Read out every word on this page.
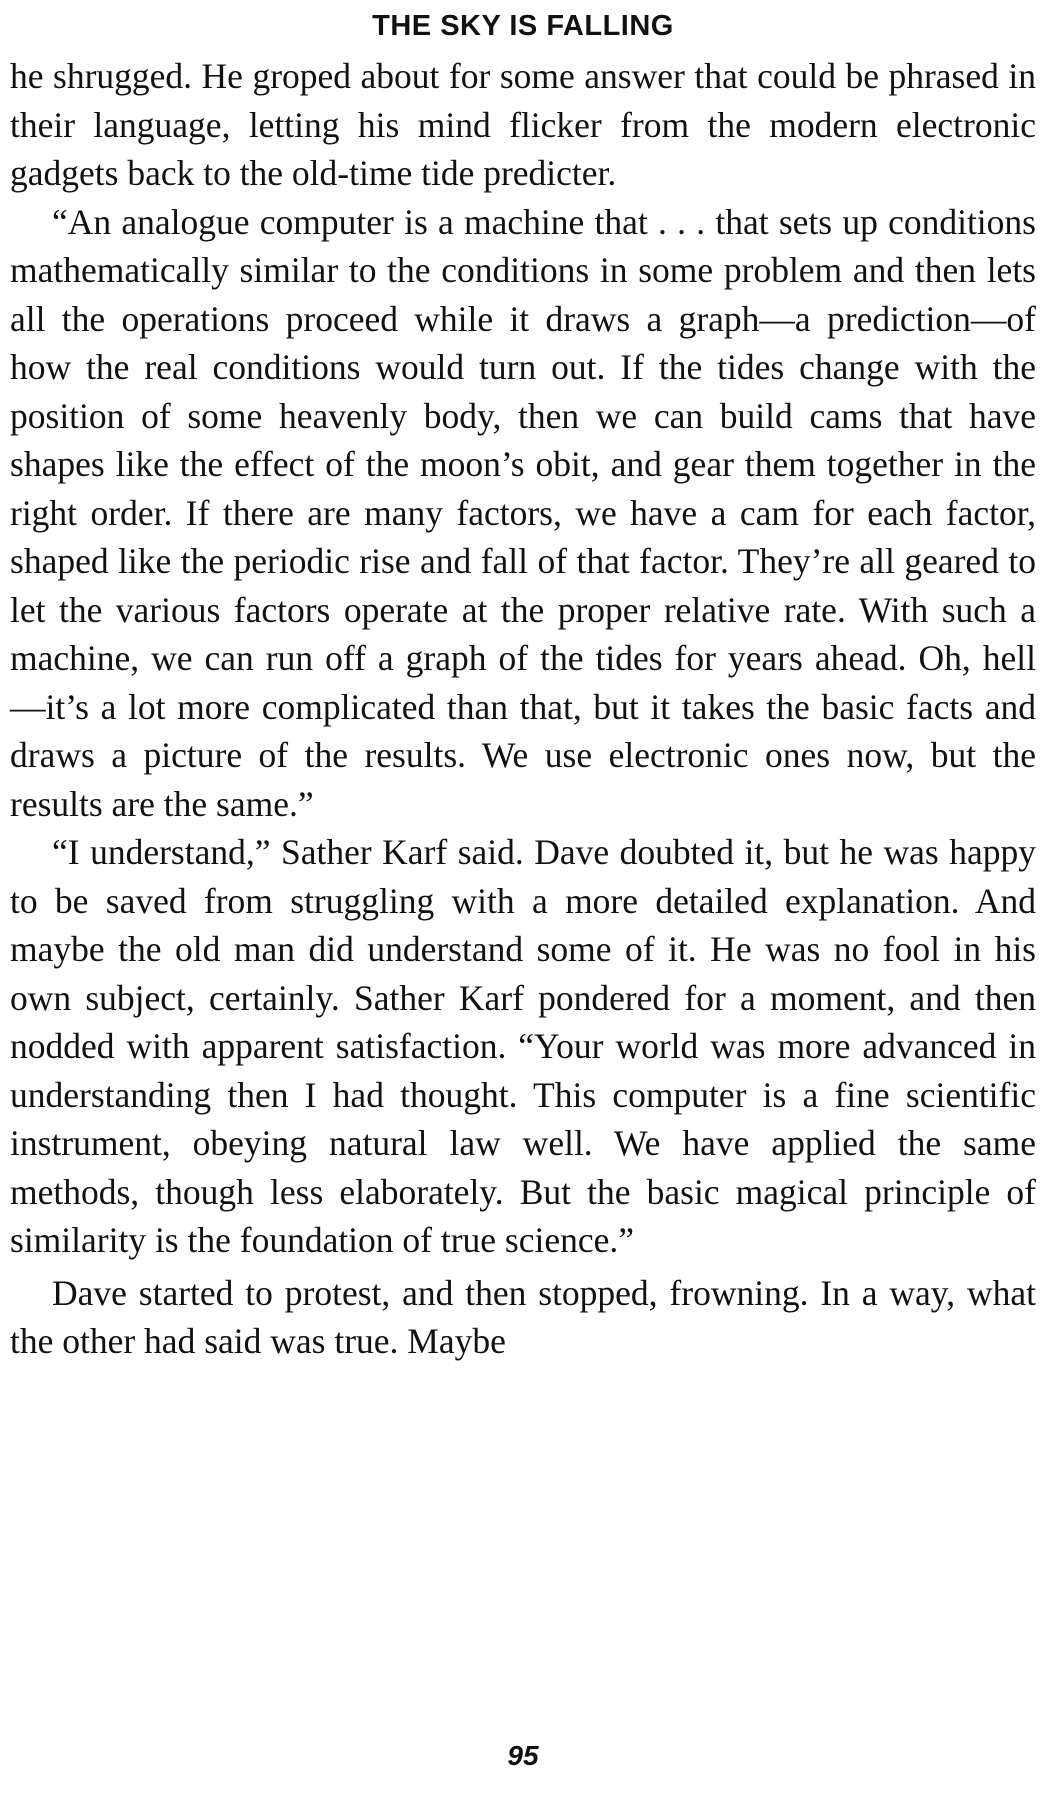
THE SKY IS FALLING

he shrugged. He groped about for some answer that could be phrased in their language, letting his mind flicker from the modern electronic gadgets back to the old-time tide predicter.

“An analogue computer is a machine that . . . that sets up conditions mathematically similar to the conditions in some problem and then lets all the operations proceed while it draws a graph—a prediction—of how the real conditions would turn out. If the tides change with the position of some heavenly body, then we can build cams that have shapes like the effect of the moon’s obit, and gear them together in the right order. If there are many factors, we have a cam for each factor, shaped like the periodic rise and fall of that factor. They’re all geared to let the various factors operate at the proper relative rate. With such a machine, we can run off a graph of the tides for years ahead. Oh, hell —it’s a lot more complicated than that, but it takes the basic facts and draws a picture of the results. We use electronic ones now, but the results are the same.”

“I understand,” Sather Karf said. Dave doubted it, but he was happy to be saved from struggling with a more detailed explanation. And maybe the old man did understand some of it. He was no fool in his own subject, certainly. Sather Karf pondered for a moment, and then nodded with apparent satisfaction. “Your world was more advanced in understanding then I had thought. This computer is a fine scientific instrument, obeying natural law well. We have applied the same methods, though less elaborately. But the basic magical principle of similarity is the foundation of true science.”

Dave started to protest, and then stopped, frowning. In a way, what the other had said was true. Maybe

95
